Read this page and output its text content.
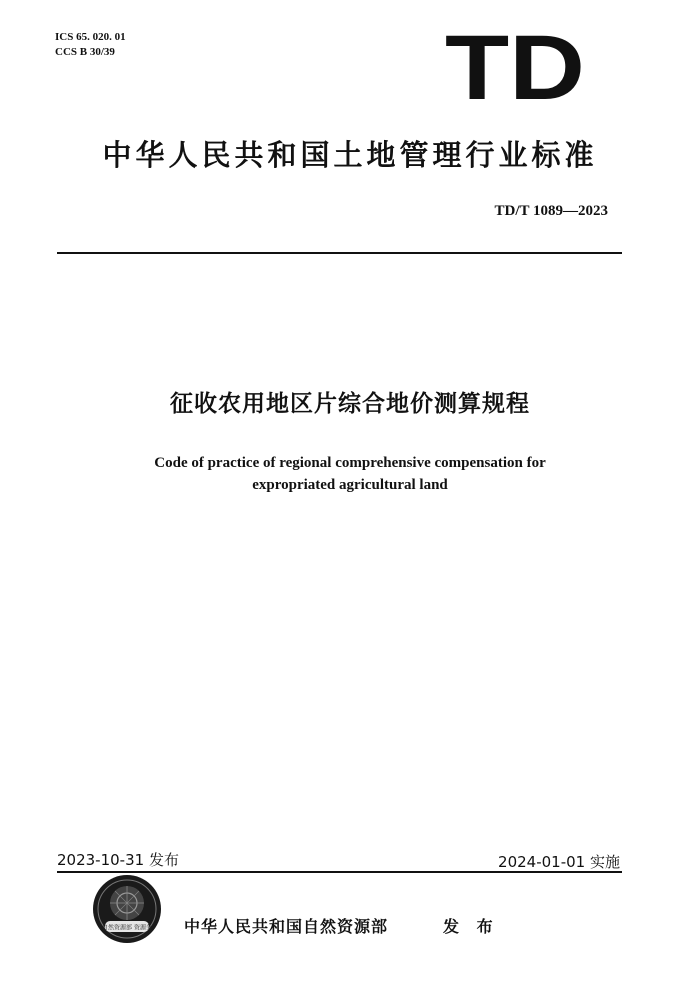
ICS 65. 020. 01
CCS B 30/39	TD
中华人民共和国土地管理行业标准
TD/T 1089—2023
征收农用地区片综合地价测算规程
Code of practice of regional comprehensive compensation for
expropriated agricultural land
2023-10-31 发布	2024-01-01 实施
自然资源部 资源务 中华人民共和国自然资源部	发 布
